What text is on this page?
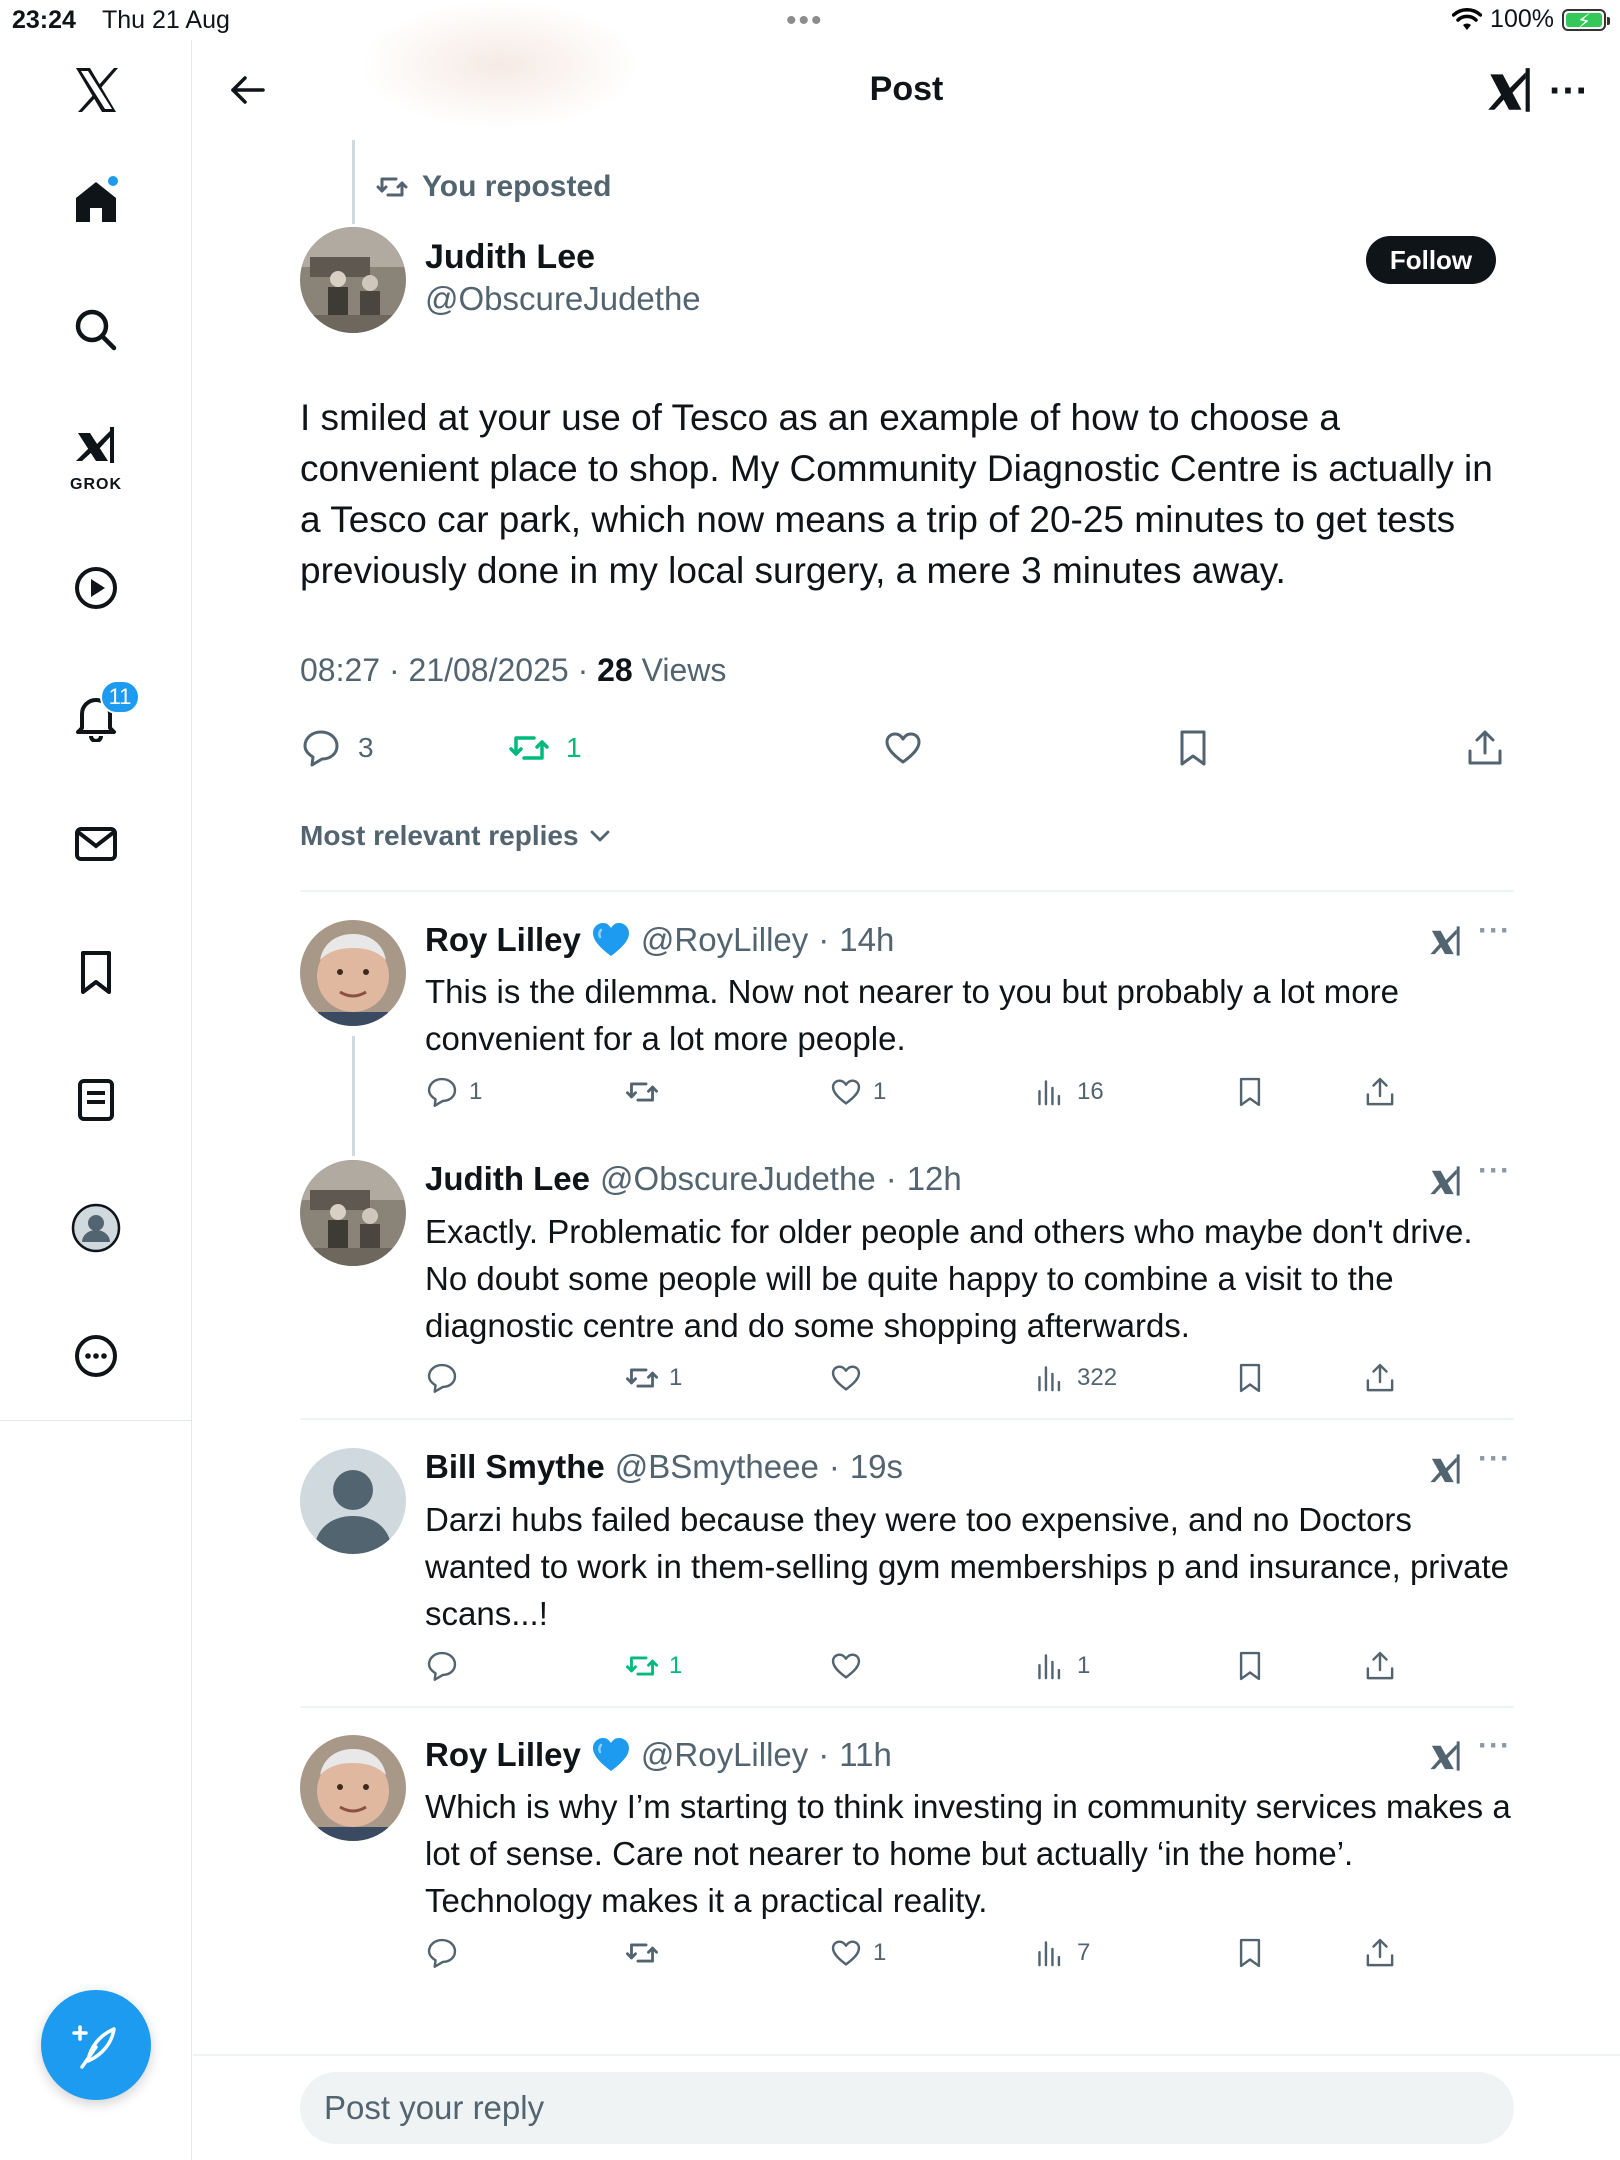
23:24 Thu 21 Aug	•••	100% ⚡
GROK
11
Post	···
You reposted
Judith Lee
@ObscureJudethe
Follow
I smiled at your use of Tesco as an example of how to choose a convenient place to shop. My Community Diagnostic Centre is actually in a Tesco car park, which now means a trip of 20-25 minutes to get tests previously done in my local surgery, a mere 3 minutes away.
08:27 · 21/08/2025 · 28 Views
3	1
Most relevant replies
Roy Lilley @RoyLilley · 14h	···
This is the dilemma. Now not nearer to you but probably a lot more convenient for a lot more people.
1	1	16
Judith Lee @ObscureJudethe · 12h	···
Exactly. Problematic for older people and others who maybe don't drive. No doubt some people will be quite happy to combine a visit to the diagnostic centre and do some shopping afterwards.
1	322
Bill Smythe @BSmytheee · 19s	···
Darzi hubs failed because they were too expensive, and no Doctors wanted to work in them-selling gym memberships p and insurance, private scans...!
1	1
Roy Lilley @RoyLilley · 11h	···
Which is why I’m starting to think investing in community services makes a lot of sense. Care not nearer to home but actually ‘in the home’. Technology makes it a practical reality.
1	7
Post your reply
